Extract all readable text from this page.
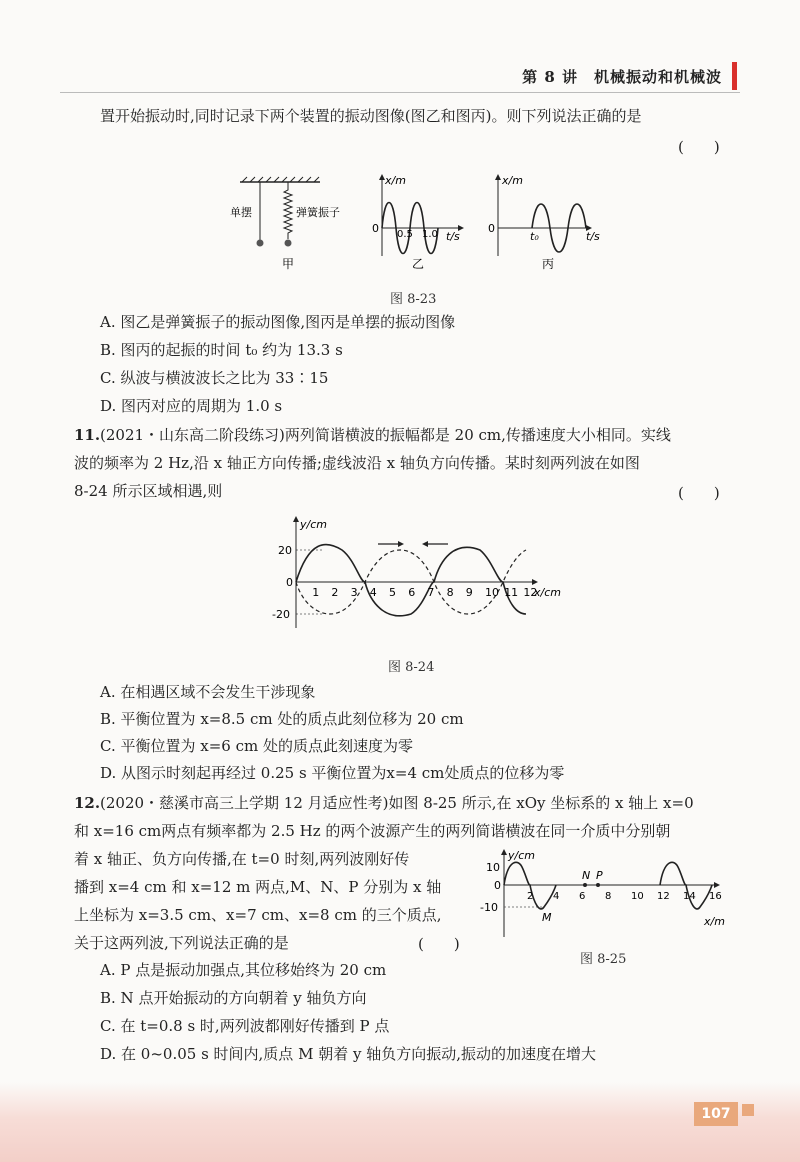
第 8 讲　机械振动和机械波
置开始振动时,同时记录下两个装置的振动图像(图乙和图丙)。则下列说法正确的是
(　　)
单摆	弹簧振子
甲
0
x/m
t/s
0.5 1.0
乙
0
x/m
t/s
t₀
丙
图 8-23
A. 图乙是弹簧振子的振动图像,图丙是单摆的振动图像
B. 图丙的起振的时间 t₀ 约为 13.3 s
C. 纵波与横波波长之比为 33∶15
D. 图丙对应的周期为 1.0 s
11. (2021・山东高二阶段练习)两列简谐横波的振幅都是 20 cm,传播速度大小相同。实线
波的频率为 2 Hz,沿 x 轴正方向传播;虚线波沿 x 轴负方向传播。某时刻两列波在如图
8-24 所示区域相遇,则	(　　)
y/cm
x/cm
20
-20
0
1 2 3 4 5 6 7 8 9 10 11 12
图 8-24
A. 在相遇区域不会发生干涉现象
B. 平衡位置为 x=8.5 cm 处的质点此刻位移为 20 cm
C. 平衡位置为 x=6 cm 处的质点此刻速度为零
D. 从图示时刻起再经过 0.25 s 平衡位置为x=4 cm处质点的位移为零
12. (2020・慈溪市高三上学期 12 月适应性考)如图 8-25 所示,在 xOy 坐标系的 x 轴上 x=0
和 x=16 cm两点有频率都为 2.5 Hz 的两个波源产生的两列简谐横波在同一介质中分别朝
着 x 轴正、负方向传播,在 t=0 时刻,两列波刚好传
播到 x=4 cm 和 x=12 m 两点,M、N、P 分别为 x 轴
上坐标为 x=3.5 cm、x=7 cm、x=8 cm 的三个质点,
关于这两列波,下列说法正确的是	(　　)
N P
M
y/cm
x/m
10
-10
0
2 4 6 8 10 12 14 16
图 8-25
A. P 点是振动加强点,其位移始终为 20 cm
B. N 点开始振动的方向朝着 y 轴负方向
C. 在 t=0.8 s 时,两列波都刚好传播到 P 点
D. 在 0~0.05 s 时间内,质点 M 朝着 y 轴负方向振动,振动的加速度在增大
107
